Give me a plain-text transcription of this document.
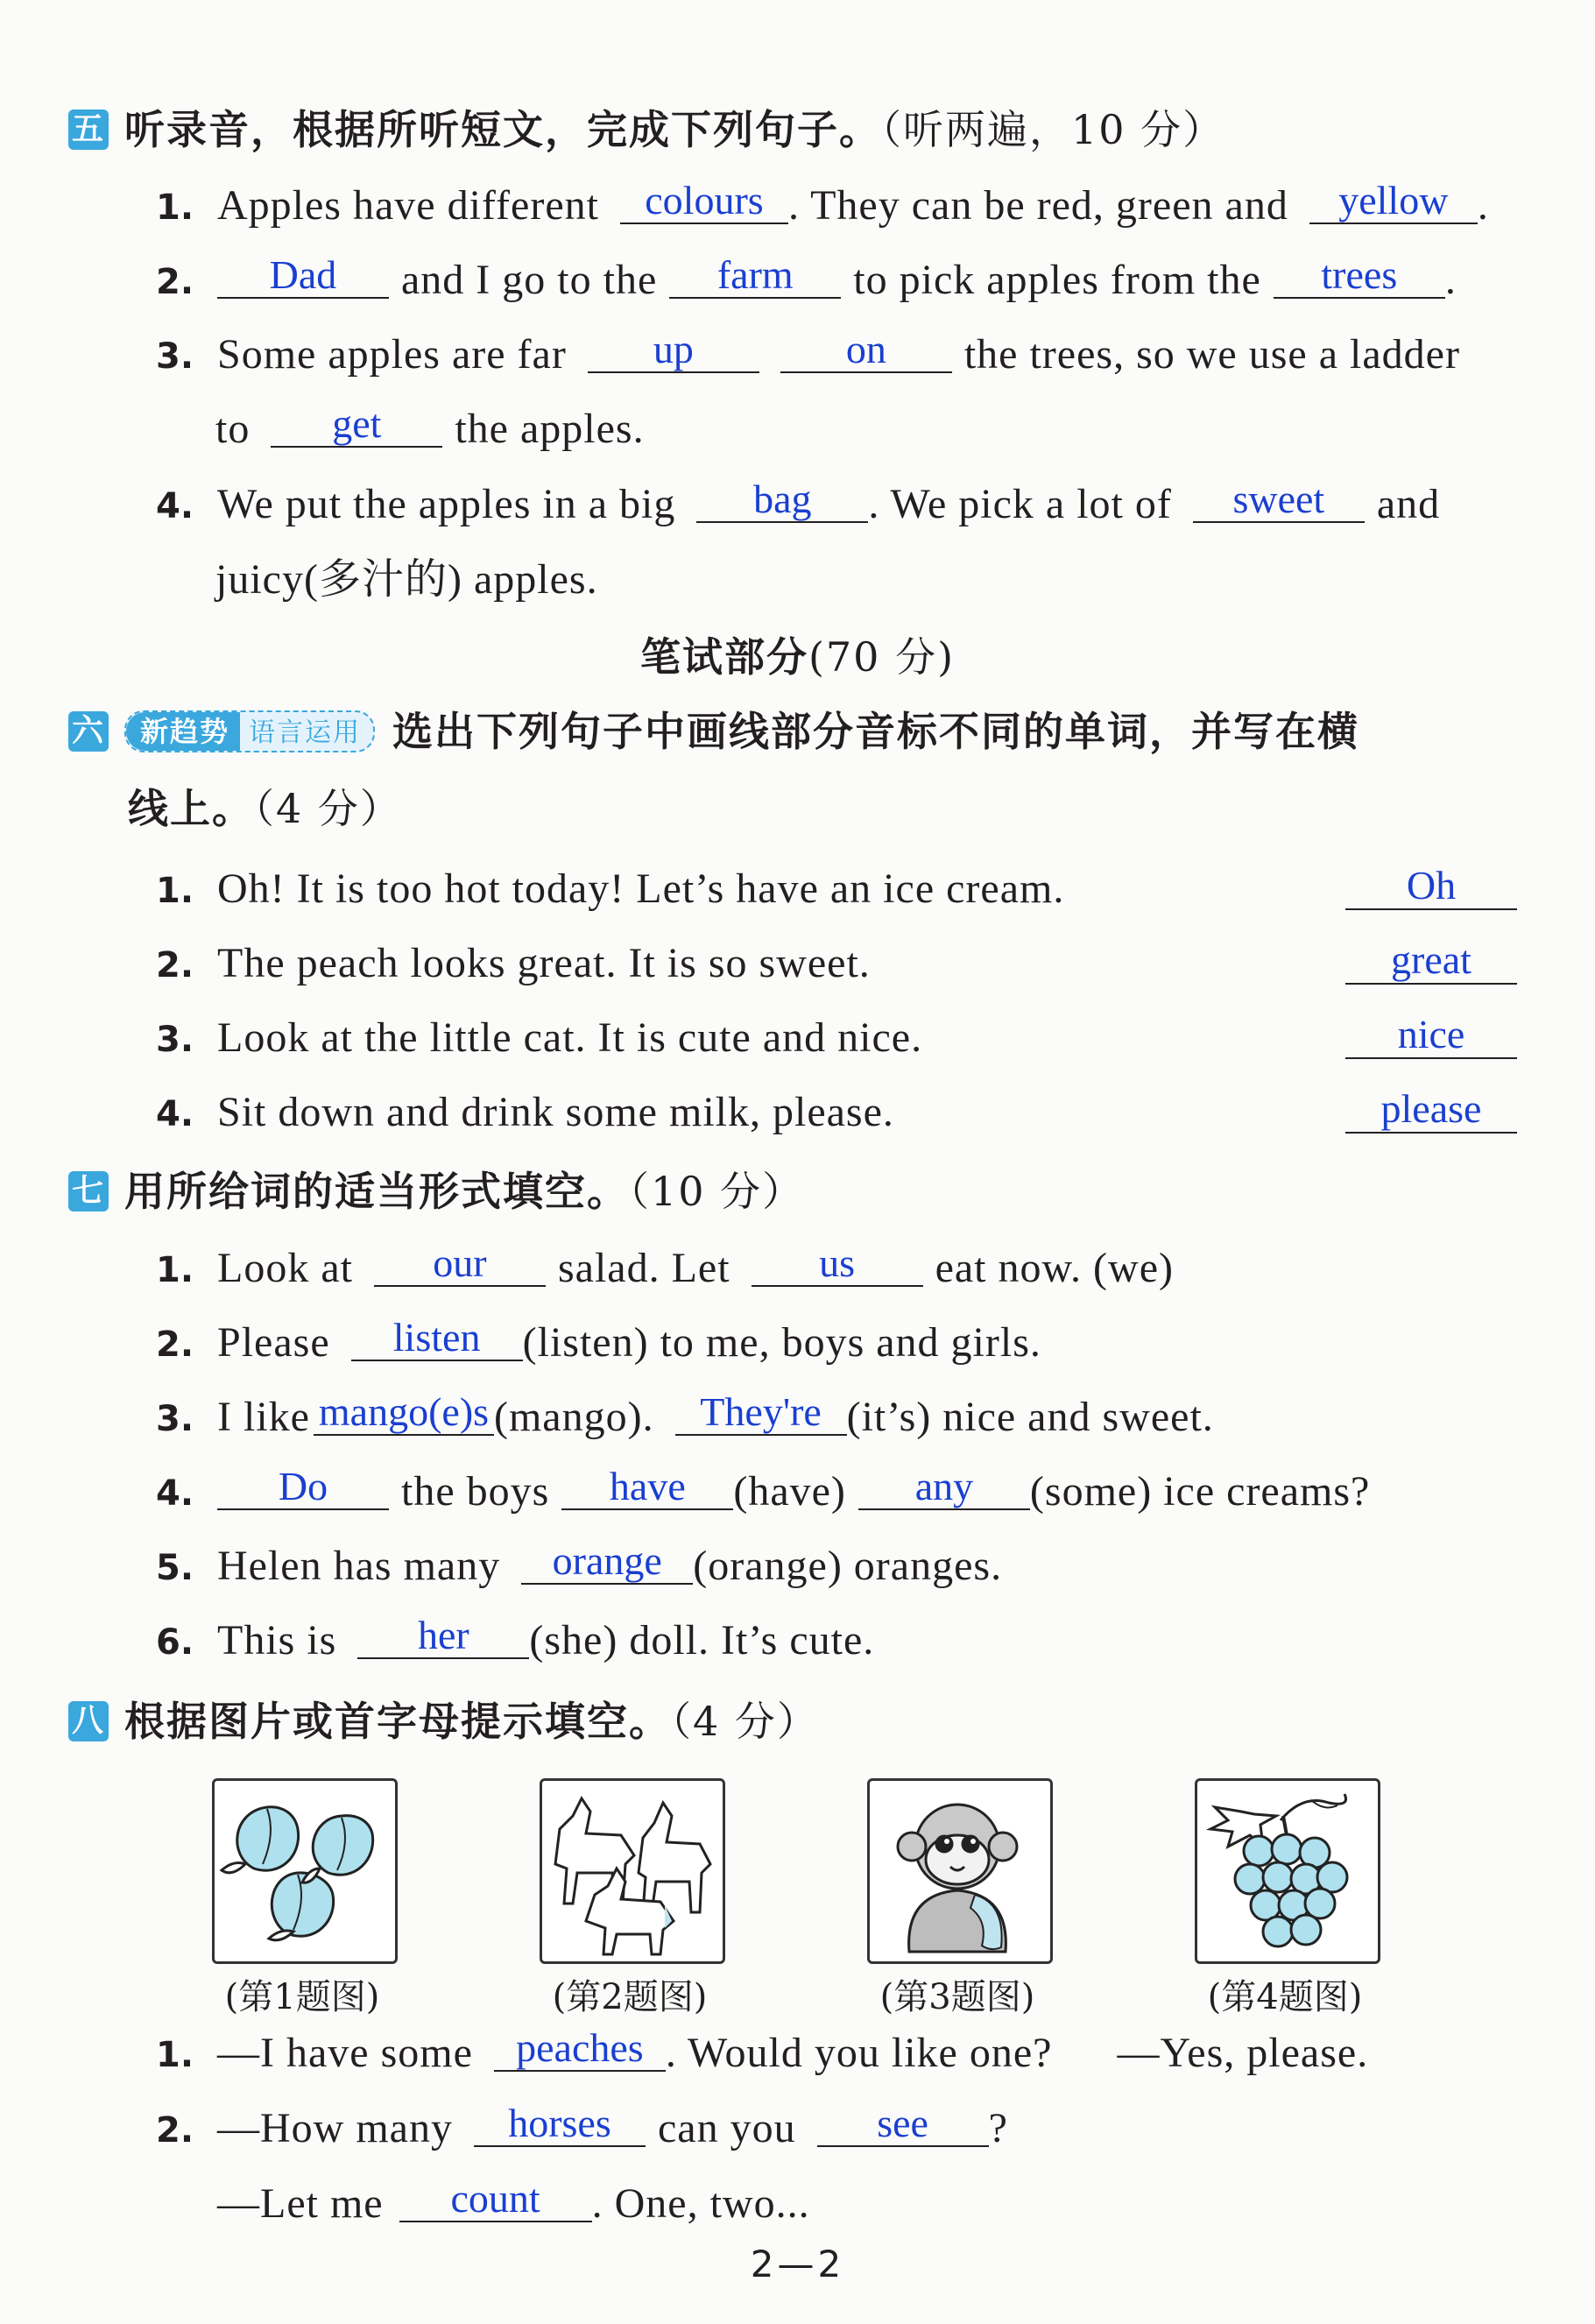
五 听录音，根据所听短文，完成下列句子。（听两遍，10 分）
1. Apples have different colours . They can be red, green and yellow .
2. Dad and I go to the farm to pick apples from the trees .
3. Some apples are far up	on the trees, so we use a ladder
to get the apples.
4. We put the apples in a big bag . We pick a lot of sweet and
juicy(多汁的) apples.
笔试部分(70 分)
六 新趋势 语言运用 选出下列句子中画线部分音标不同的单词，并写在横
线上。（4 分）
1. Oh! It is too hot today! Let’s have an ice cream.	Oh
2. The peach looks great. It is so sweet.	great
3. Look at the little cat. It is cute and nice.	nice
4. Sit down and drink some milk, please.	please
七 用所给词的适当形式填空。（10 分）
1. Look at our salad. Let us eat now. (we)
2. Please listen (listen) to me, boys and girls.
3. I like mango(e)s (mango). They're (it’s) nice and sweet.
4. Do the boys have (have) any (some) ice creams?
5. Helen has many orange (orange) oranges.
6. This is her (she) doll. It’s cute.
八 根据图片或首字母提示填空。（4 分）
(第1题图)	(第2题图)	(第3题图)	(第4题图)
1. —I have some peaches . Would you like one? —Yes, please.
2. —How many horses can you see ?
—Let me count . One, two...
2—2
